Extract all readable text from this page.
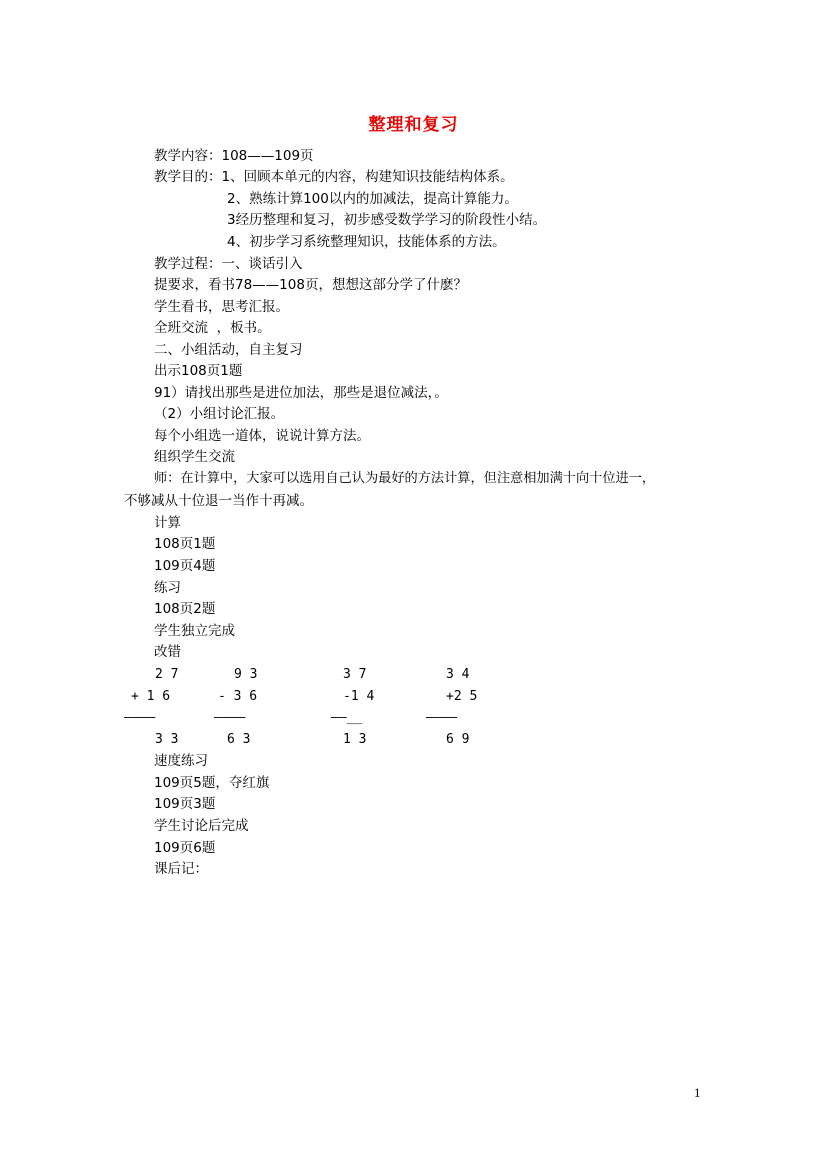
整理和复习
教学内容：108——109页
教学目的：1、回顾本单元的内容，构建知识技能结构体系。
2、熟练计算100以内的加减法，提高计算能力。
3经历整理和复习，初步感受数学学习的阶段性小结。
4、初步学习系统整理知识，技能体系的方法。
教学过程：一、谈话引入
提要求，看书78——108页，想想这部分学了什麽？
学生看书，思考汇报。
全班交流  ，板书。
二、小组活动，自主复习
出示108页1题
91）请找出那些是进位加法，那些是退位减法，。
（2）小组讨论汇报。
每个小组选一道体，说说计算方法。
组织学生交流
师：在计算中，大家可以选用自己认为最好的方法计算，但注意相加满十向十位进一，
不够减从十位退一当作十再减。
计算
108页1题
109页4题
练习
108页2题
学生独立完成
改错
2 7
+ 1 6
————
3 3
9 3
- 3 6
————
6 3
3 7
-1 4
——__
1 3
3 4
+2 5
————
6 9
速度练习
109页5题，夺红旗
109页3题
学生讨论后完成
109页6题
课后记：
1
